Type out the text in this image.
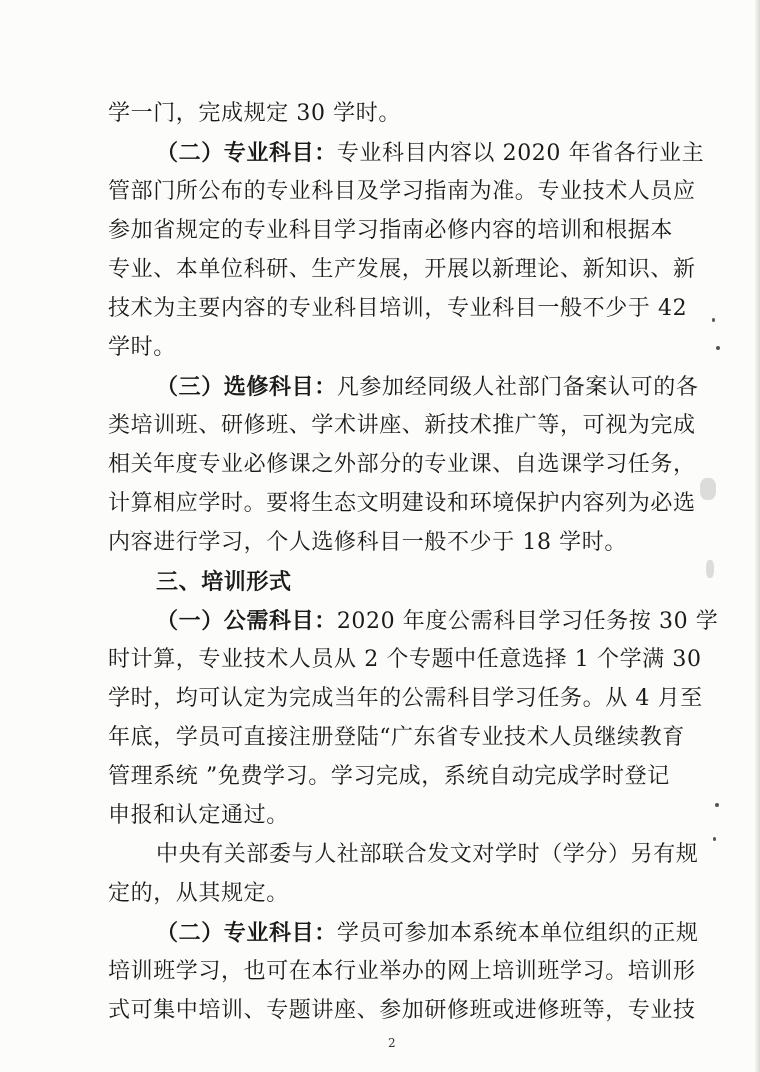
学一门，完成规定 30 学时。
（二）专业科目：专业科目内容以 2020 年省各行业主
管部门所公布的专业科目及学习指南为准。专业技术人员应
参加省规定的专业科目学习指南必修内容的培训和根据本
专业、本单位科研、生产发展，开展以新理论、新知识、新
技术为主要内容的专业科目培训，专业科目一般不少于 42
学时。
（三）选修科目：凡参加经同级人社部门备案认可的各
类培训班、研修班、学术讲座、新技术推广等，可视为完成
相关年度专业必修课之外部分的专业课、自选课学习任务，
计算相应学时。要将生态文明建设和环境保护内容列为必选
内容进行学习，个人选修科目一般不少于 18 学时。
三、培训形式
（一）公需科目：2020 年度公需科目学习任务按 30 学
时计算，专业技术人员从 2 个专题中任意选择 1 个学满 30
学时，均可认定为完成当年的公需科目学习任务。从 4 月至
年底，学员可直接注册登陆“广东省专业技术人员继续教育
管理系统 ”免费学习。学习完成，系统自动完成学时登记
申报和认定通过。
中央有关部委与人社部联合发文对学时（学分）另有规
定的，从其规定。
（二）专业科目：学员可参加本系统本单位组织的正规
培训班学习，也可在本行业举办的网上培训班学习。培训形
式可集中培训、专题讲座、参加研修班或进修班等，专业技
2
